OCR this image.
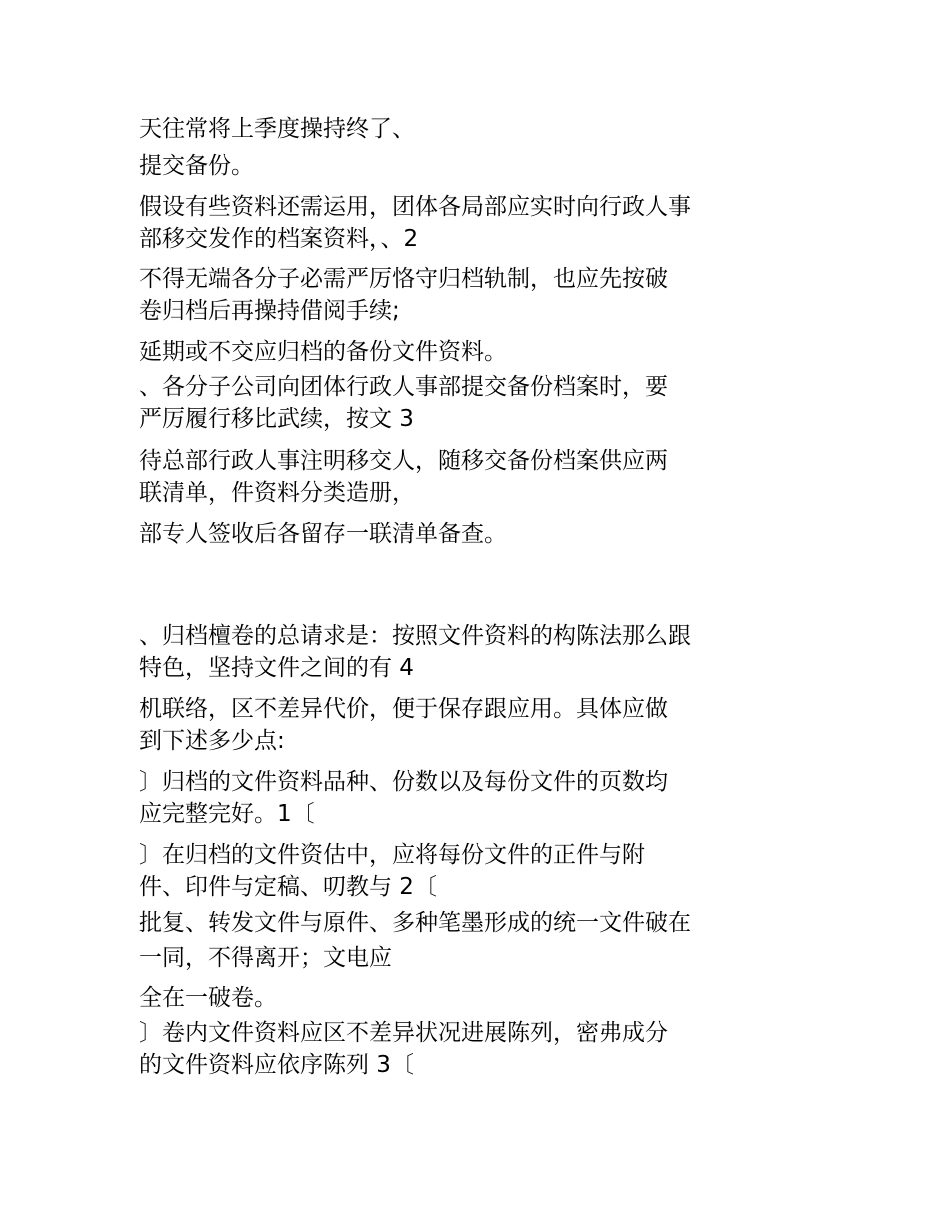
天往常将上季度操持终了、
提交备份。
假设有些资料还需运用，团体各局部应实时向行政人事
部移交发作的档案资料，、2
不得无端各分子必需严厉恪守归档轨制，也应先按破
卷归档后再操持借阅手续;
延期或不交应归档的备份文件资料。
、各分子公司向团体行政人事部提交备份档案时，要
严厉履行移比武续，按文 3
待总部行政人事注明移交人，随移交备份档案供应两
联清单，件资料分类造册，
部专人签收后各留存一联清单备查。
、归档檀卷的总请求是：按照文件资料的构陈法那么跟
特色，坚持文件之间的有 4
机联络，区不差异代价，便于保存跟应用。具体应做
到下述多少点:
〕归档的文件资料品种、份数以及每份文件的页数均
应完整完好。1〔
〕在归档的文件资估中，应将每份文件的正件与附
件、印件与定稿、叨教与 2〔
批复、转发文件与原件、多种笔墨形成的统一文件破在
一同，不得离开；文电应
全在一破卷。
〕卷内文件资料应区不差异状况进展陈列，密弗成分
的文件资料应依序陈列 3〔
